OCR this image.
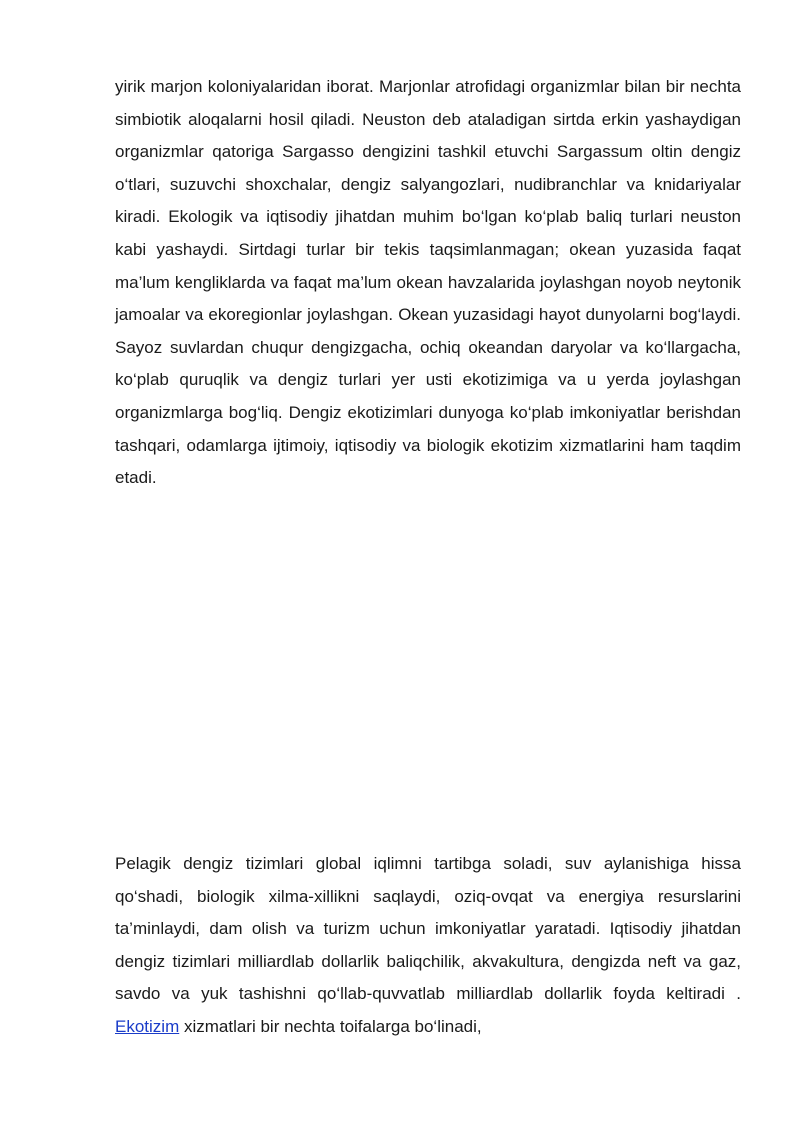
yirik marjon koloniyalaridan iborat. Marjonlar atrofidagi organizmlar bilan bir nechta simbiotik aloqalarni hosil qiladi. Neuston deb ataladigan sirtda erkin yashaydigan organizmlar qatoriga Sargasso dengizini tashkil etuvchi Sargassum oltin dengiz o‘tlari, suzuvchi shoxchalar, dengiz salyangozlari, nudibranchlar va knidariyalar kiradi. Ekologik va iqtisodiy jihatdan muhim bo‘lgan ko‘plab baliq turlari neuston kabi yashaydi. Sirtdagi turlar bir tekis taqsimlanmagan; okean yuzasida faqat ma’lum kengliklarda va faqat ma’lum okean havzalarida joylashgan noyob neytonik jamoalar va ekoregionlar joylashgan. Okean yuzasidagi hayot dunyolarni bog‘laydi. Sayoz suvlardan chuqur dengizgacha, ochiq okeandan daryolar va ko‘llargacha, ko‘plab quruqlik va dengiz turlari yer usti ekotizimiga va u yerda joylashgan organizmlarga bog‘liq. Dengiz ekotizimlari dunyoga ko‘plab imkoniyatlar berishdan tashqari, odamlarga ijtimoiy, iqtisodiy va biologik ekotizim xizmatlarini ham taqdim etadi.

Pelagik dengiz tizimlari global iqlimni tartibga soladi, suv aylanishiga hissa qo‘shadi, biologik xilma-xillikni saqlaydi, oziq-ovqat va energiya resurslarini ta’minlaydi, dam olish va turizm uchun imkoniyatlar yaratadi. Iqtisodiy jihatdan dengiz tizimlari milliardlab dollarlik baliqchilik, akvakultura, dengizda neft va gaz, savdo va yuk tashishni qo‘llab-quvvatlab milliardlab dollarlik foyda keltiradi . Ekotizim xizmatlari bir nechta toifalarga bo‘linadi,
